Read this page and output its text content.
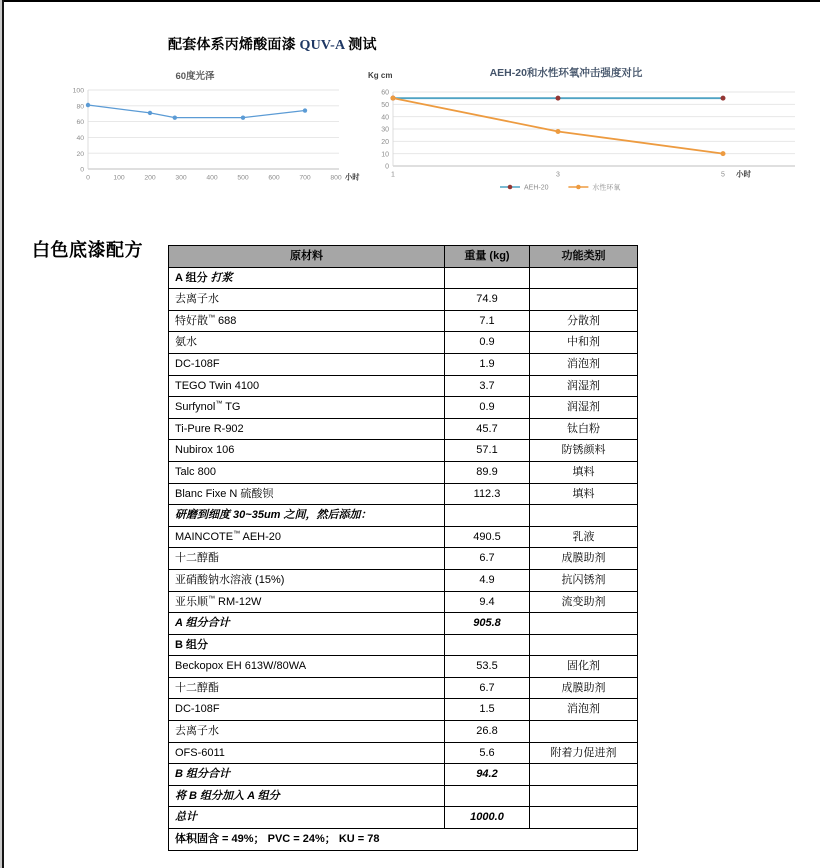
配套体系丙烯酸面漆 QUV-A 测试
0
20
40
60
80
100
0	100	200	300	400	500	600	700	800 小时
60度光泽
0
10
20
30
40
50
60
1	3	5 小时
Kg cm	AEH-20和水性环氧冲击强度对比
AEH-20	水性环氧
白色底漆配方	原材料	重量 (kg)	功能类别
A 组分 打浆		
去离子水	74.9	
特好散™ 688	7.1	分散剂
氨水	0.9	中和剂
DC-108F	1.9	消泡剂
TEGO Twin 4100	3.7	润湿剂
Surfynol™ TG	0.9	润湿剂
Ti-Pure R-902	45.7	钛白粉
Nubirox 106	57.1	防锈颜料
Talc 800	89.9	填料
Blanc Fixe N 硫酸钡	112.3	填料
研磨到细度 30~35um 之间，然后添加：		
MAINCOTE™ AEH-20	490.5	乳液
十二醇酯	6.7	成膜助剂
亚硝酸钠水溶液 (15%)	4.9	抗闪锈剂
亚乐顺™ RM-12W	9.4	流变助剂
A 组分合计	905.8	
B 组分		
Beckopox EH 613W/80WA	53.5	固化剂
十二醇酯	6.7	成膜助剂
DC-108F	1.5	消泡剂
去离子水	26.8	
OFS-6011	5.6	附着力促进剂
B 组分合计	94.2	
将 B 组分加入 A 组分		
总计	1000.0	
体积固含 = 49%； PVC = 24%； KU = 78		
